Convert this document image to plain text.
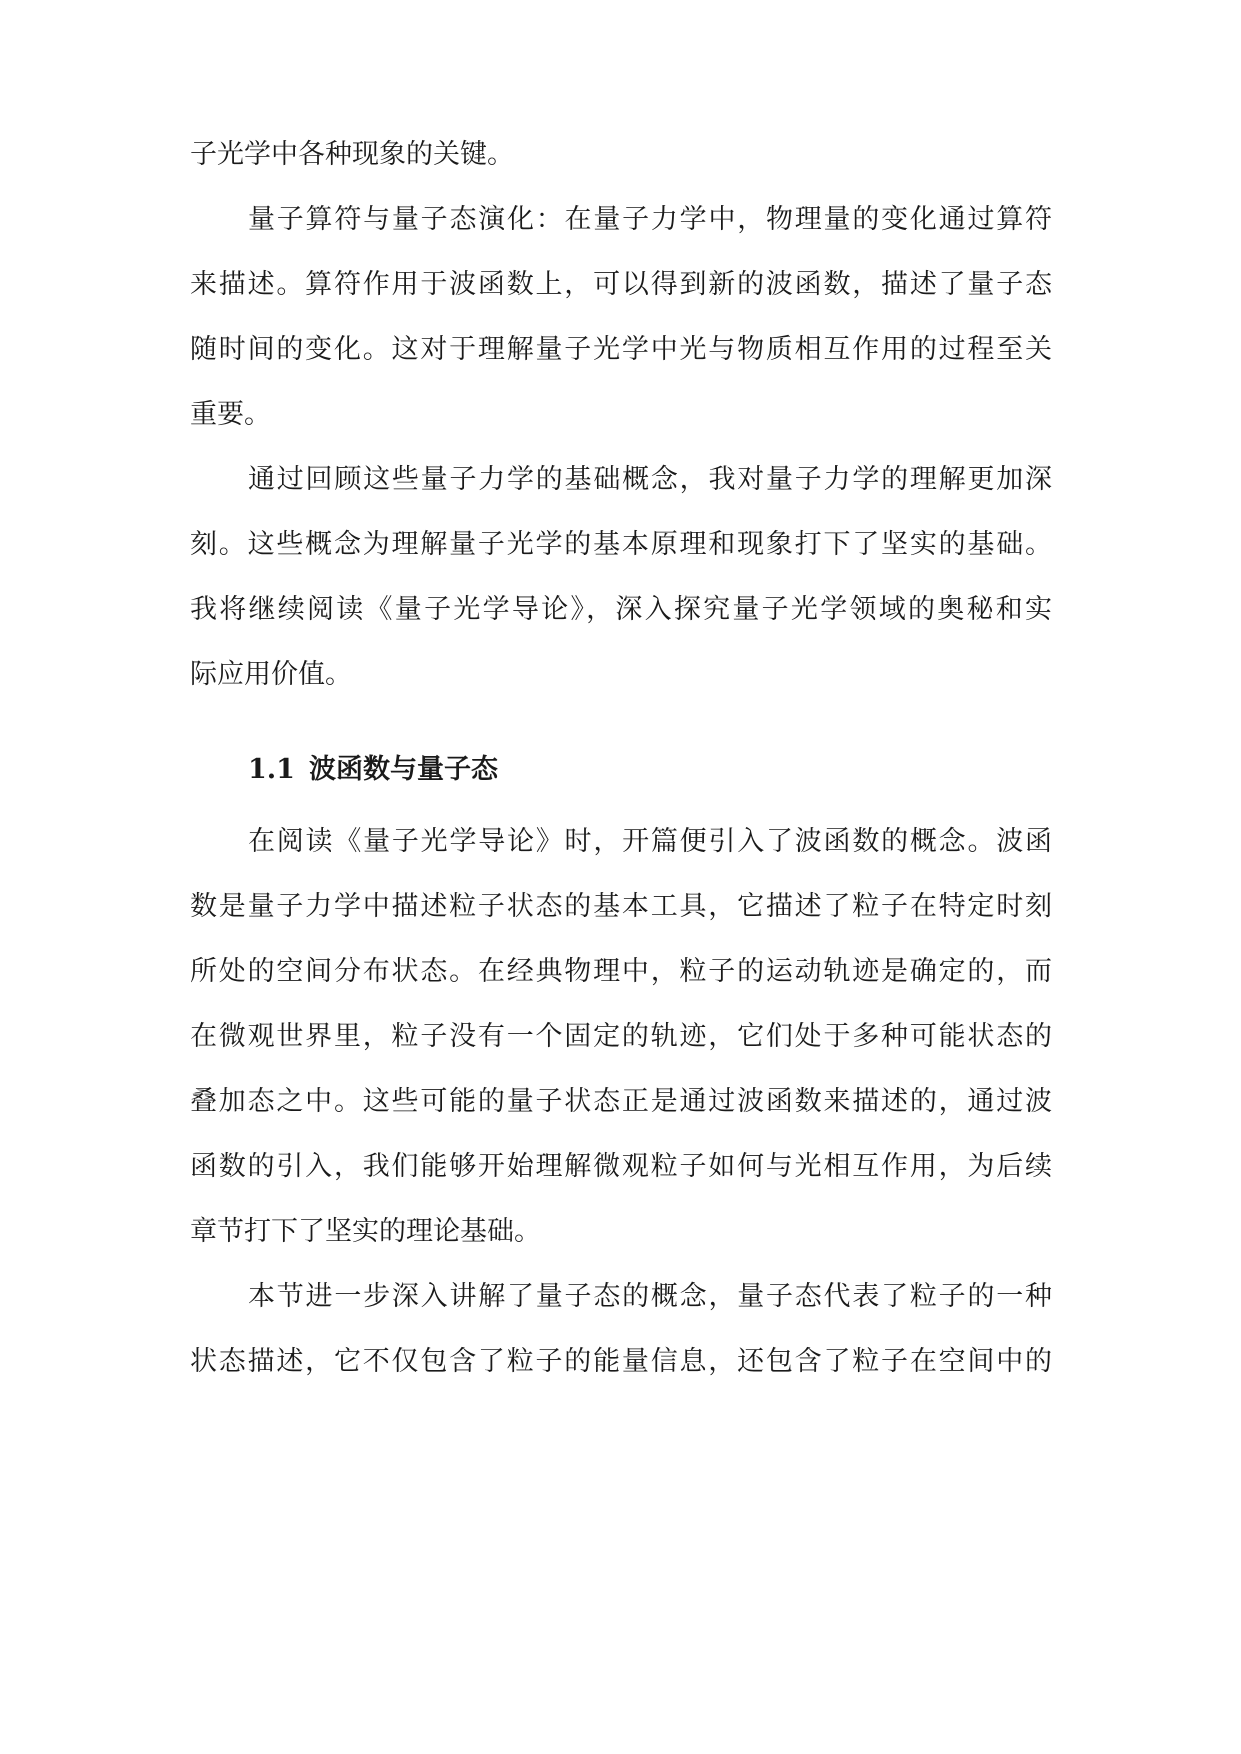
子光学中各种现象的关键。
量子算符与量子态演化：在量子力学中，物理量的变化通过算符
来描述。算符作用于波函数上，可以得到新的波函数，描述了量子态
随时间的变化。这对于理解量子光学中光与物质相互作用的过程至关
重要。
通过回顾这些量子力学的基础概念，我对量子力学的理解更加深
刻。这些概念为理解量子光学的基本原理和现象打下了坚实的基础。
我将继续阅读《量子光学导论》，深入探究量子光学领域的奥秘和实
际应用价值。
1.1 波函数与量子态
在阅读《量子光学导论》时，开篇便引入了波函数的概念。波函
数是量子力学中描述粒子状态的基本工具，它描述了粒子在特定时刻
所处的空间分布状态。在经典物理中，粒子的运动轨迹是确定的，而
在微观世界里，粒子没有一个固定的轨迹，它们处于多种可能状态的
叠加态之中。这些可能的量子状态正是通过波函数来描述的，通过波
函数的引入，我们能够开始理解微观粒子如何与光相互作用，为后续
章节打下了坚实的理论基础。
本节进一步深入讲解了量子态的概念，量子态代表了粒子的一种
状态描述，它不仅包含了粒子的能量信息，还包含了粒子在空间中的
